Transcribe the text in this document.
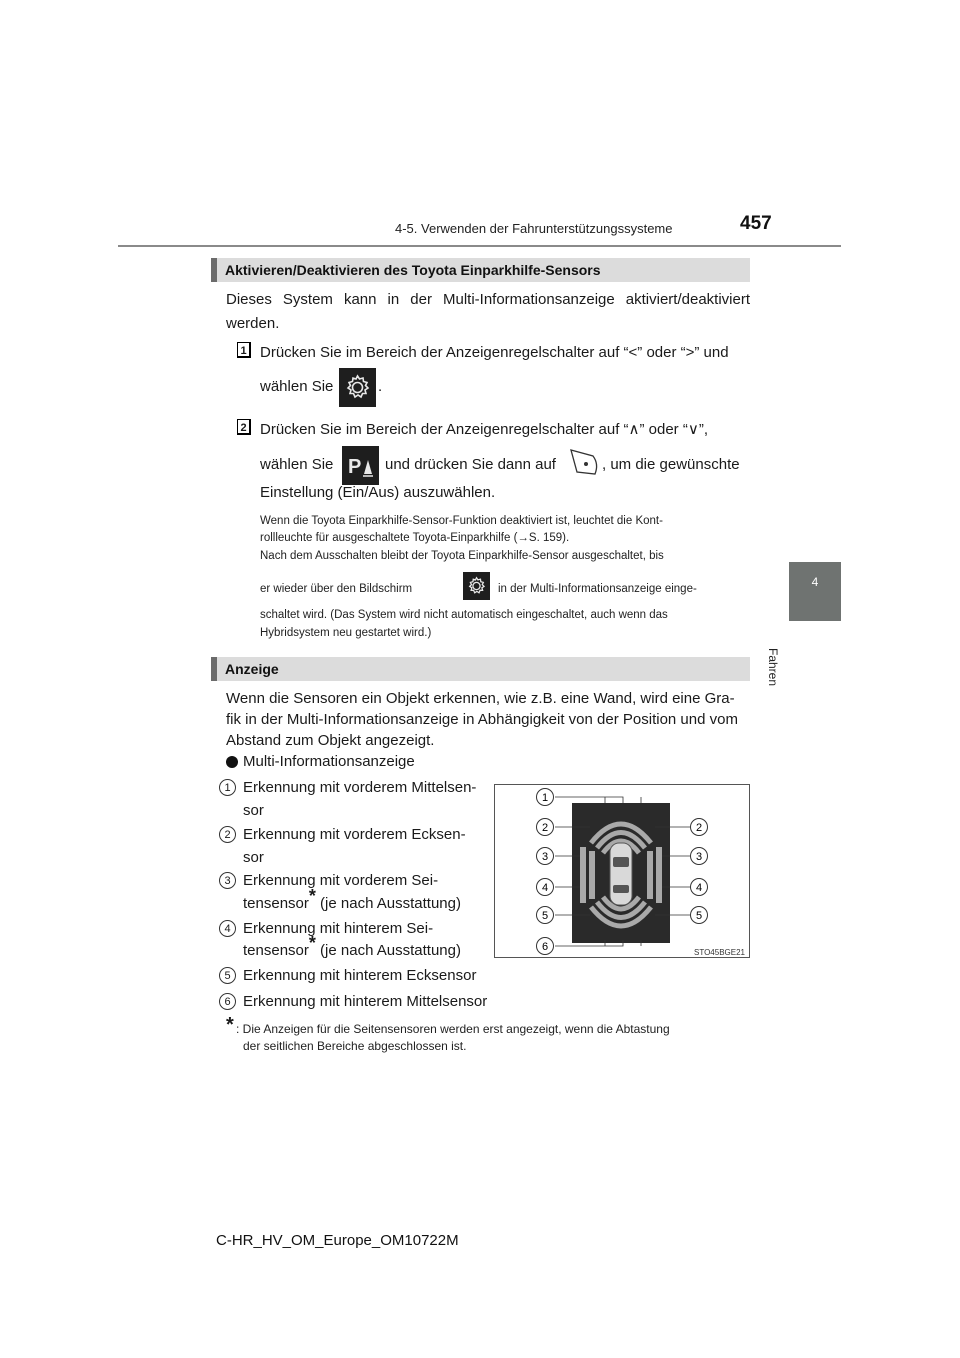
4-5. Verwenden der Fahrunterstützungssysteme	457
4
Fahren
Aktivieren/Deaktivieren des Toyota Einparkhilfe-Sensors
Dieses System kann in der Multi-Informationsanzeige aktiviert/deaktiviert werden.
1 Drücken Sie im Bereich der Anzeigenregelschalter auf “<” oder “>” und
wählen Sie	.
2 Drücken Sie im Bereich der Anzeigenregelschalter auf “∧” oder “∨”,
wählen Sie P und drücken Sie dann auf	, um die gewünschte
Einstellung (Ein/Aus) auszuwählen.
Wenn die Toyota Einparkhilfe-Sensor-Funktion deaktiviert ist, leuchtet die Kont-
rollleuchte für ausgeschaltete Toyota-Einparkhilfe (→S. 159).
Nach dem Ausschalten bleibt der Toyota Einparkhilfe-Sensor ausgeschaltet, bis
er wieder über den Bildschirm	in der Multi-Informationsanzeige einge-
schaltet wird. (Das System wird nicht automatisch eingeschaltet, auch wenn das
Hybridsystem neu gestartet wird.)
Anzeige
Wenn die Sensoren ein Objekt erkennen, wie z.B. eine Wand, wird eine Gra-
fik in der Multi-Informationsanzeige in Abhängigkeit von der Position und vom
Abstand zum Objekt angezeigt.
Multi-Informationsanzeige
1 Erkennung mit vorderem Mittelsen-
sor
2 Erkennung mit vorderem Ecksen-
sor
3 Erkennung mit vorderem Sei-
tensensor* (je nach Ausstattung)
4 Erkennung mit hinterem Sei-
tensensor* (je nach Ausstattung)
5 Erkennung mit hinterem Ecksensor
6 Erkennung mit hinterem Mittelsensor
1
2
3
4
5
6
2
3
4
5
STO45BGE21
* : Die Anzeigen für die Seitensensoren werden erst angezeigt, wenn die Abtastung
der seitlichen Bereiche abgeschlossen ist.
C-HR_HV_OM_Europe_OM10722M
